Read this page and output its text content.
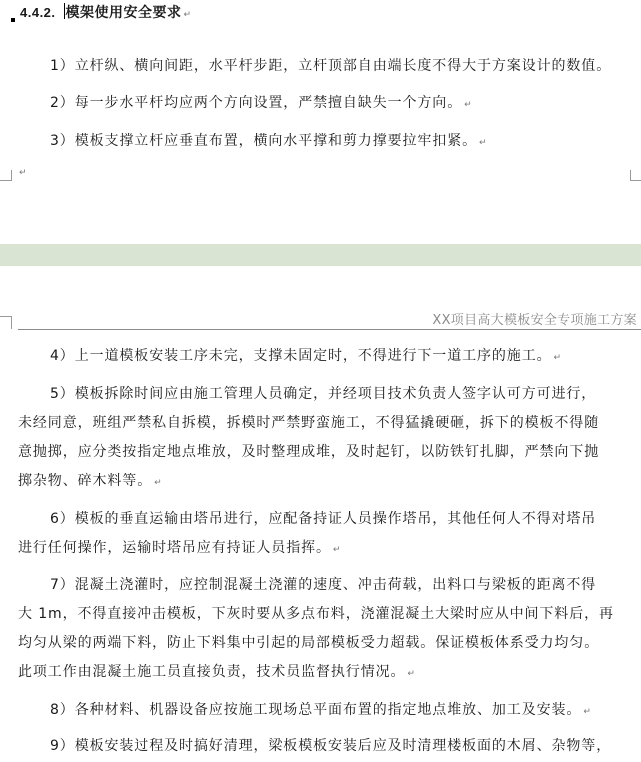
4.4.2. 模架使用安全要求 ↵
1）立杆纵、横向间距，水平杆步距，立杆顶部自由端长度不得大于方案设计的数值。
2）每一步水平杆均应两个方向设置，严禁擅自缺失一个方向。 ↵
3）模板支撑立杆应垂直布置，横向水平撑和剪力撑要拉牢扣紧。 ↵
↵
XX项目高大模板安全专项施工方案
4）上一道模板安装工序未完，支撑未固定时，不得进行下一道工序的施工。 ↵
5）模板拆除时间应由施工管理人员确定，并经项目技术负责人签字认可方可进行，
未经同意，班组严禁私自拆模，拆模时严禁野蛮施工，不得猛撬硬砸，拆下的模板不得随
意抛掷，应分类按指定地点堆放，及时整理成堆，及时起钉，以防铁钉扎脚，严禁向下抛
掷杂物、碎木料等。 ↵
6）模板的垂直运输由塔吊进行，应配备持证人员操作塔吊，其他任何人不得对塔吊
进行任何操作，运输时塔吊应有持证人员指挥。 ↵
7）混凝土浇灌时，应控制混凝土浇灌的速度、冲击荷载，出料口与梁板的距离不得
大 1m，不得直接冲击模板，下灰时要从多点布料，浇灌混凝土大梁时应从中间下料后，再
均匀从梁的两端下料，防止下料集中引起的局部模板受力超载。保证模板体系受力均匀。
此项工作由混凝土施工员直接负责，技术员监督执行情况。 ↵
8）各种材料、机器设备应按施工现场总平面布置的指定地点堆放、加工及安装。 ↵
9）模板安装过程及时搞好清理，梁板模板安装后应及时清理楼板面的木屑、杂物等，
